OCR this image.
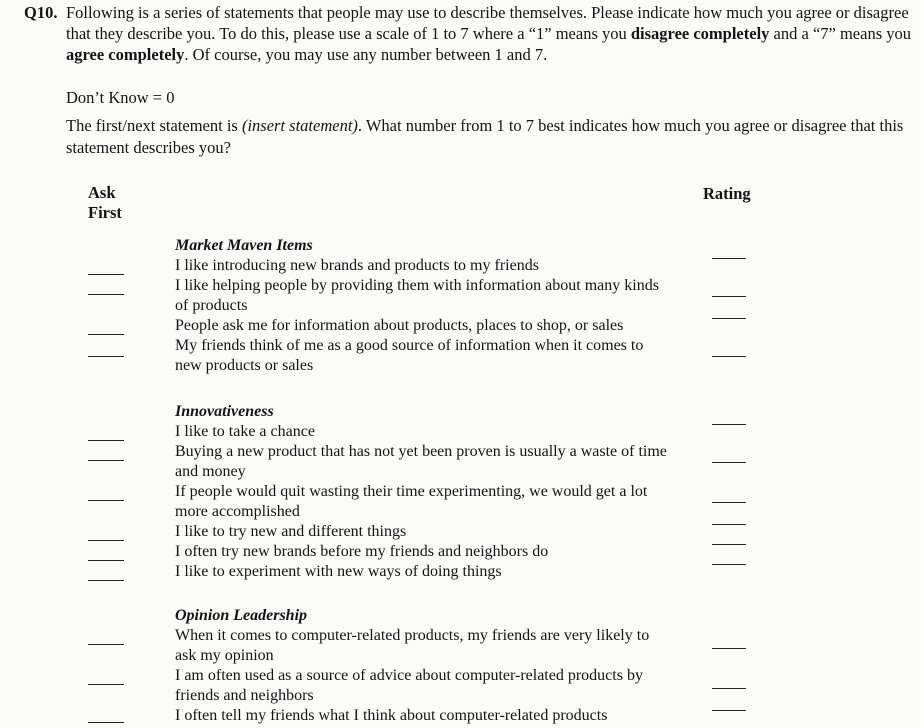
Q10. Following is a series of statements that people may use to describe themselves. Please indicate how much you agree or disagree
that they describe you. To do this, please use a scale of 1 to 7 where a “1” means you disagree completely and a “7” means you
agree completely. Of course, you may use any number between 1 and 7.
Don’t Know = 0
The first/next statement is (insert statement). What number from 1 to 7 best indicates how much you agree or disagree that this
statement describes you?
Ask
First
Rating
Market Maven Items
I like introducing new brands and products to my friends
I like helping people by providing them with information about many kinds
of products
People ask me for information about products, places to shop, or sales
My friends think of me as a good source of information when it comes to
new products or sales
Innovativeness
I like to take a chance
Buying a new product that has not yet been proven is usually a waste of time
and money
If people would quit wasting their time experimenting, we would get a lot
more accomplished
I like to try new and different things
I often try new brands before my friends and neighbors do
I like to experiment with new ways of doing things
Opinion Leadership
When it comes to computer-related products, my friends are very likely to
ask my opinion
I am often used as a source of advice about computer-related products by
friends and neighbors
I often tell my friends what I think about computer-related products
